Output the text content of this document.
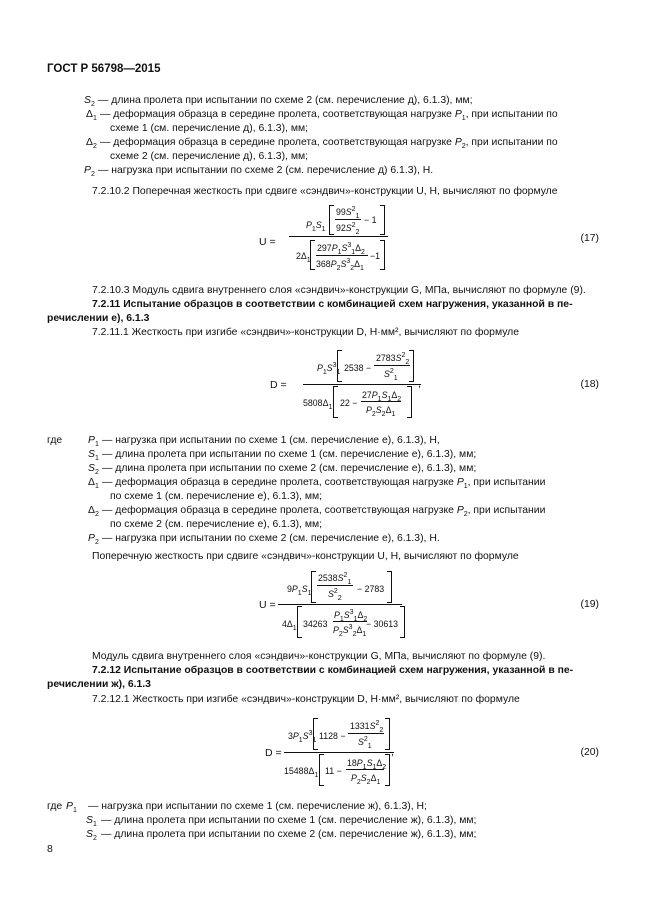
ГОСТ Р 56798—2015
$S_2$ — длина пролета при испытании по схеме 2 (см. перечисление д), 6.1.3), мм;
$\Delta_1$ — деформация образца в середине пролета, соответствующая нагрузке $P_1$, при испытании по
схеме 1 (см. перечисление д), 6.1.3), мм;
$\Delta_2$ — деформация образца в середине пролета, соответствующая нагрузке $P_2$, при испытании по
схеме 2 (см. перечисление д), 6.1.3), мм;
$P_2$ — нагрузка при испытании по схеме 2 (см. перечисление д) 6.1.3), Н.
7.2.10.2 Поперечная жесткость при сдвиге «сэндвич»-конструкции U, Н, вычисляют по формуле
U =
$P_1S_1$
$99S^2_1$
$92S^2_2$
− 1
$2\Delta_1$
$297P_1S^3_1\Delta_2$
$368P_2S^3_2\Delta_1$
−1
(17)
7.2.10.3 Модуль сдвига внутреннего слоя «сэндвич»-конструкции G, МПа, вычисляют по формуле (9).
7.2.11 Испытание образцов в соответствии с комбинацией схем нагружения, указанной в пе-
речислении е), 6.1.3
7.2.11.1 Жесткость при изгибе «сэндвич»-конструкции D, Н·мм², вычисляют по формуле
D =
$P_1S^3_1$ 2538 −
$2783S^2_2$
$S^2_1$
,
$5808\Delta_1$ 22 −
$27P_1S_1\Delta_2$
$P_2S_2\Delta_1$
(18)
где $P_1$ — нагрузка при испытании по схеме 1 (см. перечисление е), 6.1.3), Н,
$S_1$ — длина пролета при испытании по схеме 1 (см. перечисление е), 6.1.3), мм;
$S_2$ — длина пролета при испытании по схеме 2 (см. перечисление е), 6.1.3), мм;
$\Delta_1$ — деформация образца в середине пролета, соответствующая нагрузке $P_1$, при испытании
по схеме 1 (см. перечисление е), 6.1.3), мм;
$\Delta_2$ — деформация образца в середине пролета, соответствующая нагрузке $P_2$, при испытании
по схеме 2 (см. перечисление е), 6.1.3), мм;
$P_2$ — нагрузка при испытании по схеме 2 (см. перечисление е), 6.1.3), Н.
Поперечную жесткость при сдвиге «сэндвич»-конструкции U, Н, вычисляют по формуле
U =
$9P_1S_1$
$2538S^2_1$
$S^2_2$
− 2783
$4\Delta_1$ 34263
$P_1S^3_1\Delta_2$
$P_2S^3_2\Delta_1$
− 30613
(19)
Модуль сдвига внутреннего слоя «сэндвич»-конструкции G, МПа, вычисляют по формуле (9).
7.2.12 Испытание образцов в соответствии с комбинацией схем нагружения, указанной в пе-
речислении ж), 6.1.3
7.2.12.1 Жесткость при изгибе «сэндвич»-конструкции D, Н·мм², вычисляют по формуле
D =
$3P_1S^3_1$ 1128 −
$1331S^2_2$
$S^2_1$
,
$15488\Delta_1$ 11 −
$18P_1S_1\Delta_2$
$P_2S_2\Delta_1$
(20)
где $P_1$ — нагрузка при испытании по схеме 1 (см. перечисление ж), 6.1.3), Н;
$S_1$ — длина пролета при испытании по схеме 1 (см. перечисление ж), 6.1.3), мм;
$S_2$ — длина пролета при испытании по схеме 2 (см. перечисление ж), 6.1.3), мм;
8
